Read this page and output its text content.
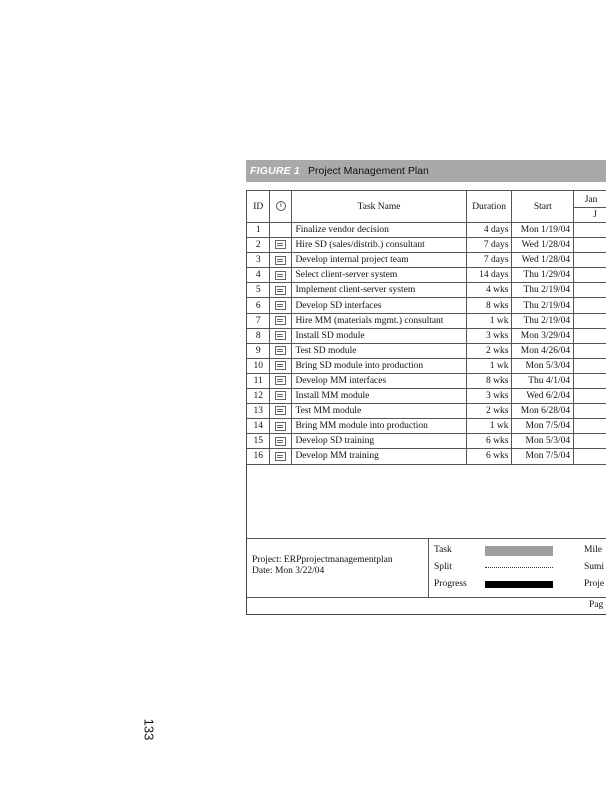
FIGURE 1 Project Management Plan
ID	i	Task Name	Duration	Start	Jan
J

1		Finalize vendor decision	4 days	Mon 1/19/04	
2		Hire SD (sales/distrib.) consultant	7 days	Wed 1/28/04	
3		Develop internal project team	7 days	Wed 1/28/04	
4		Select client-server system	14 days	Thu 1/29/04	
5		Implement client-server system	4 wks	Thu 2/19/04	
6		Develop SD interfaces	8 wks	Thu 2/19/04	
7		Hire MM (materials mgmt.) consultant	1 wk	Thu 2/19/04	
8		Install SD module	3 wks	Mon 3/29/04	
9		Test SD module	2 wks	Mon 4/26/04	
10		Bring SD module into production	1 wk	Mon 5/3/04	
11		Develop MM interfaces	8 wks	Thu 4/1/04	
12		Install MM module	3 wks	Wed 6/2/04	
13		Test MM module	2 wks	Mon 6/28/04	
14		Bring MM module into production	1 wk	Mon 7/5/04	
15		Develop SD training	6 wks	Mon 5/3/04	
16		Develop MM training	6 wks	Mon 7/5/04	
Project: ERPprojectmanagementplan
Date: Mon 3/22/04
Task
Split
Progress
Mile
Sumi
Proje
Pag
133
